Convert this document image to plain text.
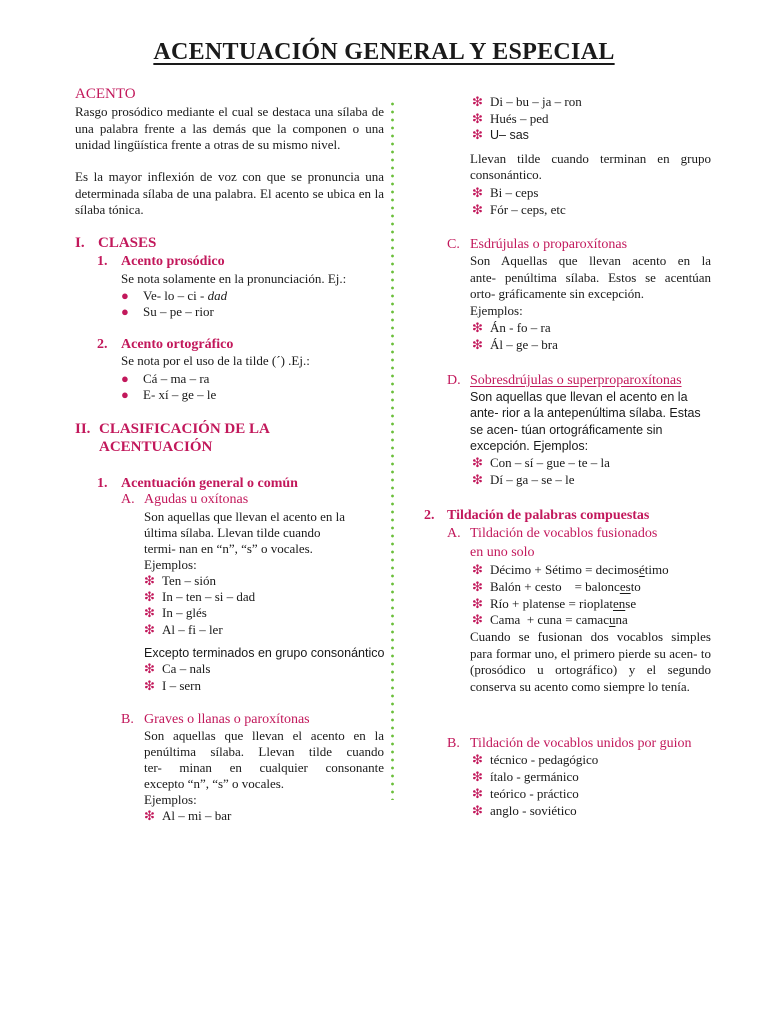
ACENTUACIÓN GENERAL Y ESPECIAL
ACENTO
Rasgo prosódico mediante el cual se destaca una sílaba de una palabra frente a las demás que la componen o una unidad lingüística frente a otras de su mismo nivel.
Es la mayor inflexión de voz con que se pronuncia una determinada sílaba de una palabra. El acento se ubica en la sílaba tónica.
I. CLASES
1. Acento prosódico
Se nota solamente en la pronunciación. Ej.:
● Ve- lo – ci - dad
● Su – pe – rior
2. Acento ortográfico
Se nota por el uso de la tilde (´) .Ej.:
● Cá – ma – ra
● E- xí – ge – le
II. CLASIFICACIÓN DE LA
ACENTUACIÓN
1. Acentuación general o común
A. Agudas u oxítonas
Son aquellas que llevan el acento en la
última sílaba. Llevan tilde cuando
termi- nan en “n”, “s” o vocales.
Ejemplos:
❇ Ten – sión
❇ In – ten – si – dad
❇ In – glés
❇ Al – fi – ler
Excepto terminados en grupo consonántico
❇ Ca – nals
❇ I – sern
B. Graves o llanas o paroxítonas
Son aquellas que llevan el acento en la
penúltima sílaba. Llevan tilde cuando
ter- minan en cualquier consonante
excepto “n”, “s” o vocales.
Ejemplos:
❇ Al – mi – bar
❇ Di – bu – ja – ron
❇ Hués – ped
❇ U– sas
Llevan tilde cuando terminan en grupo
consonántico.
❇ Bi – ceps
❇ Fór – ceps, etc
C. Esdrújulas o proparoxítonas
Son Aquellas que llevan acento en la
ante- penúltima sílaba. Estos se acentúan
orto- gráficamente sin excepción.
Ejemplos:
❇ Án - fo – ra
❇ Ál – ge – bra
D. Sobresdrújulas o superproparoxítonas
Son aquellas que llevan el acento en la
ante- rior a la antepenúltima sílaba. Estas
se acen- túan ortográficamente sin
excepción. Ejemplos:
❇ Con – sí – gue – te – la
❇ Dí – ga – se – le
2. Tildación de palabras compuestas
A. Tildación de vocablos fusionados
en uno solo
❇ Décimo + Sétimo = decimosétimo
❇ Balón + cesto    = baloncesto
❇ Río + platense = rioplatense
❇ Cama  + cuna = camacuna
Cuando se fusionan dos vocablos simples para formar uno, el primero pierde su acen- to (prosódico u ortográfico) y el segundo conserva su acento como siempre lo tenía.
B. Tildación de vocablos unidos por guion
❇ técnico - pedagógico
❇ ítalo - germánico
❇ teórico - práctico
❇ anglo - soviético
